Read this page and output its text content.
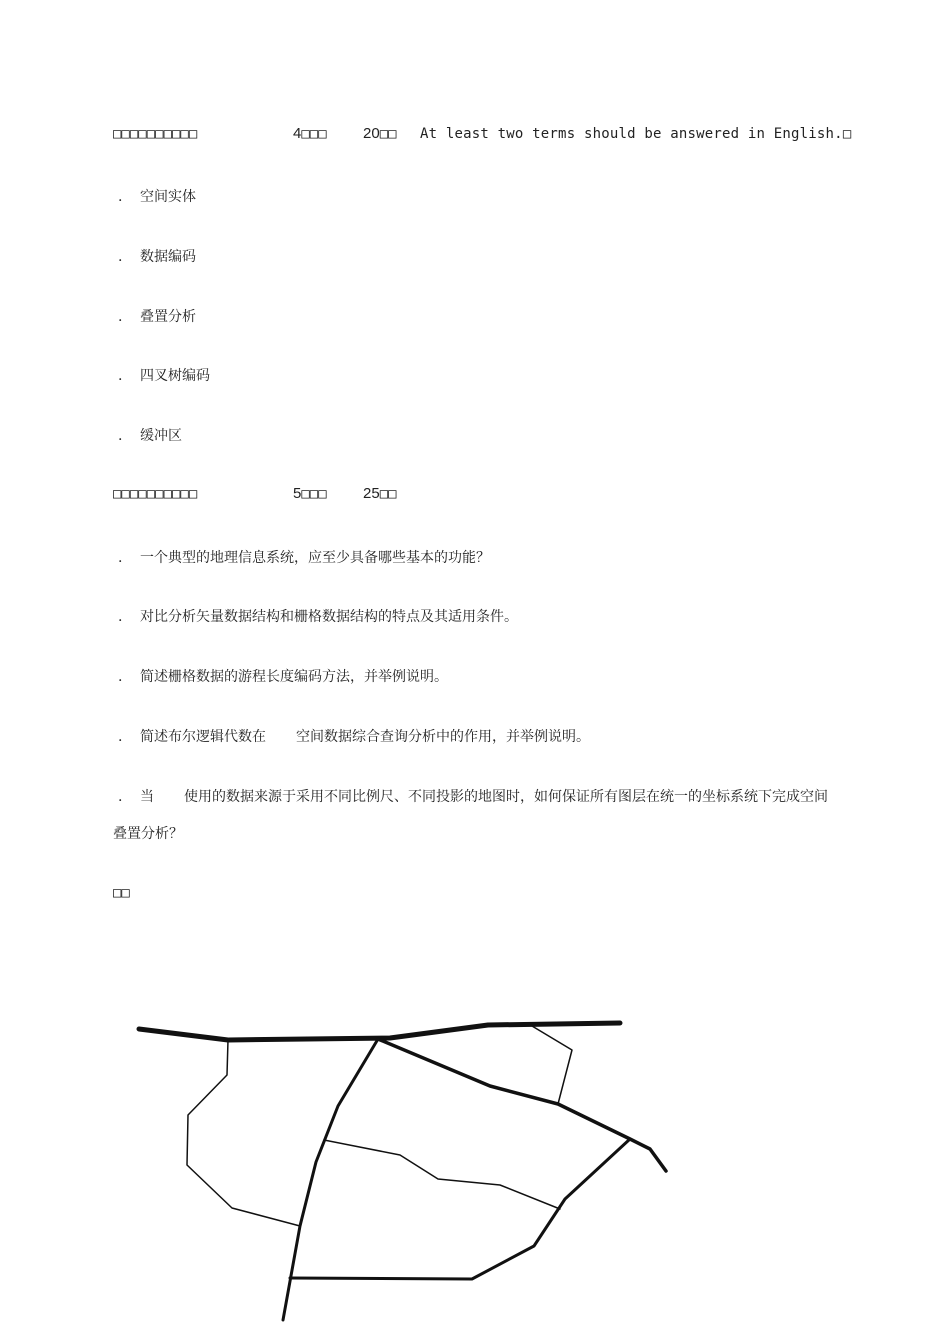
□□□□□□□□□□	4□□□ 20□□ At least two terms should be answered in English.□
. 空间实体
. 数据编码
. 叠置分析
. 四叉树编码
. 缓冲区
□□□□□□□□□□	5□□□ 25□□
. 一个典型的地理信息系统，应至少具备哪些基本的功能？
. 对比分析矢量数据结构和栅格数据结构的特点及其适用条件。
. 简述栅格数据的游程长度编码方法，并举例说明。
. 简述布尔逻辑代数在 空间数据综合查询分析中的作用，并举例说明。
. 当 使用的数据来源于采用不同比例尺、不同投影的地图时，如何保证所有图层在统一的坐标系统下完成空间
叠置分析？
□□
